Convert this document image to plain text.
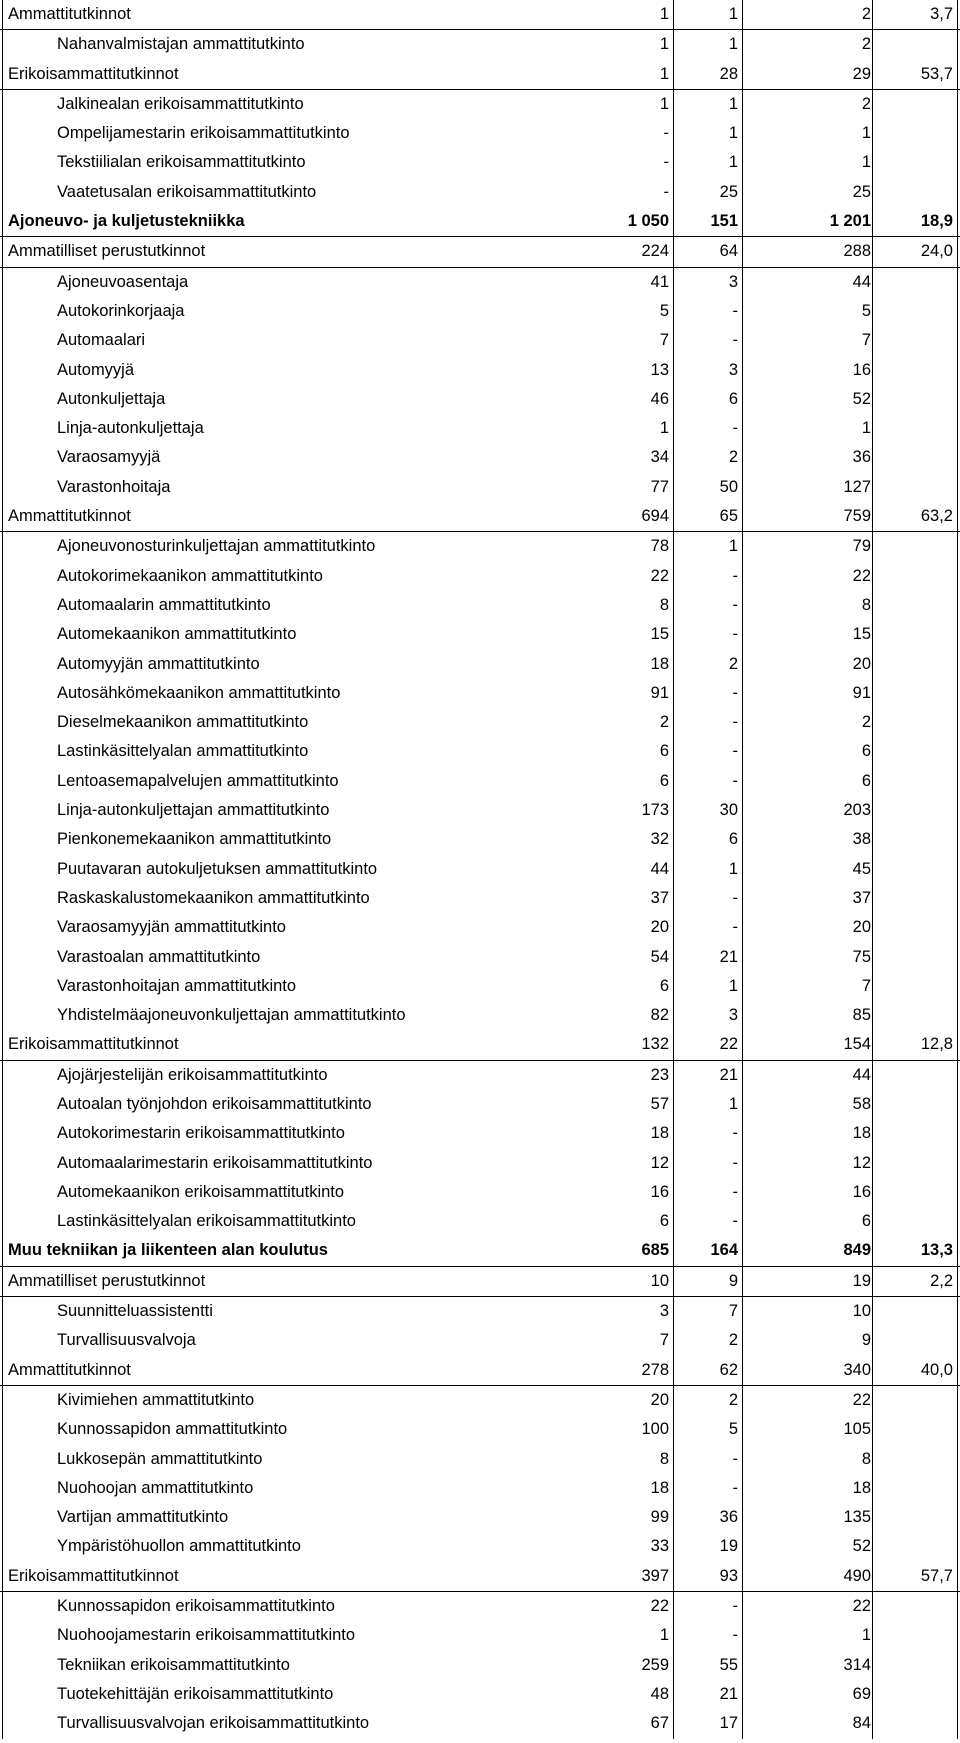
Ammattitutkinnot	1	1	2	3,7
Nahanvalmistajan ammattitutkinto	1	1	2
Erikoisammattitutkinnot	1	28	29	53,7
Jalkinealan erikoisammattitutkinto	1	1	2
Ompelijamestarin erikoisammattitutkinto	-	1	1
Tekstiilialan erikoisammattitutkinto	-	1	1
Vaatetusalan erikoisammattitutkinto	-	25	25
Ajoneuvo- ja kuljetustekniikka	1 050	151	1 201	18,9
Ammatilliset perustutkinnot	224	64	288	24,0
Ajoneuvoasentaja	41	3	44
Autokorinkorjaaja	5	-	5
Automaalari	7	-	7
Automyyjä	13	3	16
Autonkuljettaja	46	6	52
Linja-autonkuljettaja	1	-	1
Varaosamyyjä	34	2	36
Varastonhoitaja	77	50	127
Ammattitutkinnot	694	65	759	63,2
Ajoneuvonosturinkuljettajan ammattitutkinto	78	1	79
Autokorimekaanikon ammattitutkinto	22	-	22
Automaalarin ammattitutkinto	8	-	8
Automekaanikon ammattitutkinto	15	-	15
Automyyjän ammattitutkinto	18	2	20
Autosähkömekaanikon ammattitutkinto	91	-	91
Dieselmekaanikon ammattitutkinto	2	-	2
Lastinkäsittelyalan ammattitutkinto	6	-	6
Lentoasemapalvelujen ammattitutkinto	6	-	6
Linja-autonkuljettajan ammattitutkinto	173	30	203
Pienkonemekaanikon ammattitutkinto	32	6	38
Puutavaran autokuljetuksen ammattitutkinto	44	1	45
Raskaskalustomekaanikon ammattitutkinto	37	-	37
Varaosamyyjän ammattitutkinto	20	-	20
Varastoalan ammattitutkinto	54	21	75
Varastonhoitajan ammattitutkinto	6	1	7
Yhdistelmäajoneuvonkuljettajan ammattitutkinto	82	3	85
Erikoisammattitutkinnot	132	22	154	12,8
Ajojärjestelijän erikoisammattitutkinto	23	21	44
Autoalan työnjohdon erikoisammattitutkinto	57	1	58
Autokorimestarin erikoisammattitutkinto	18	-	18
Automaalarimestarin erikoisammattitutkinto	12	-	12
Automekaanikon erikoisammattitutkinto	16	-	16
Lastinkäsittelyalan erikoisammattitutkinto	6	-	6
Muu tekniikan ja liikenteen alan koulutus	685	164	849	13,3
Ammatilliset perustutkinnot	10	9	19	2,2
Suunnitteluassistentti	3	7	10
Turvallisuusvalvoja	7	2	9
Ammattitutkinnot	278	62	340	40,0
Kivimiehen ammattitutkinto	20	2	22
Kunnossapidon ammattitutkinto	100	5	105
Lukkosepän ammattitutkinto	8	-	8
Nuohoojan ammattitutkinto	18	-	18
Vartijan ammattitutkinto	99	36	135
Ympäristöhuollon ammattitutkinto	33	19	52
Erikoisammattitutkinnot	397	93	490	57,7
Kunnossapidon erikoisammattitutkinto	22	-	22
Nuohoojamestarin erikoisammattitutkinto	1	-	1
Tekniikan erikoisammattitutkinto	259	55	314
Tuotekehittäjän erikoisammattitutkinto	48	21	69
Turvallisuusvalvojan erikoisammattitutkinto	67	17	84
